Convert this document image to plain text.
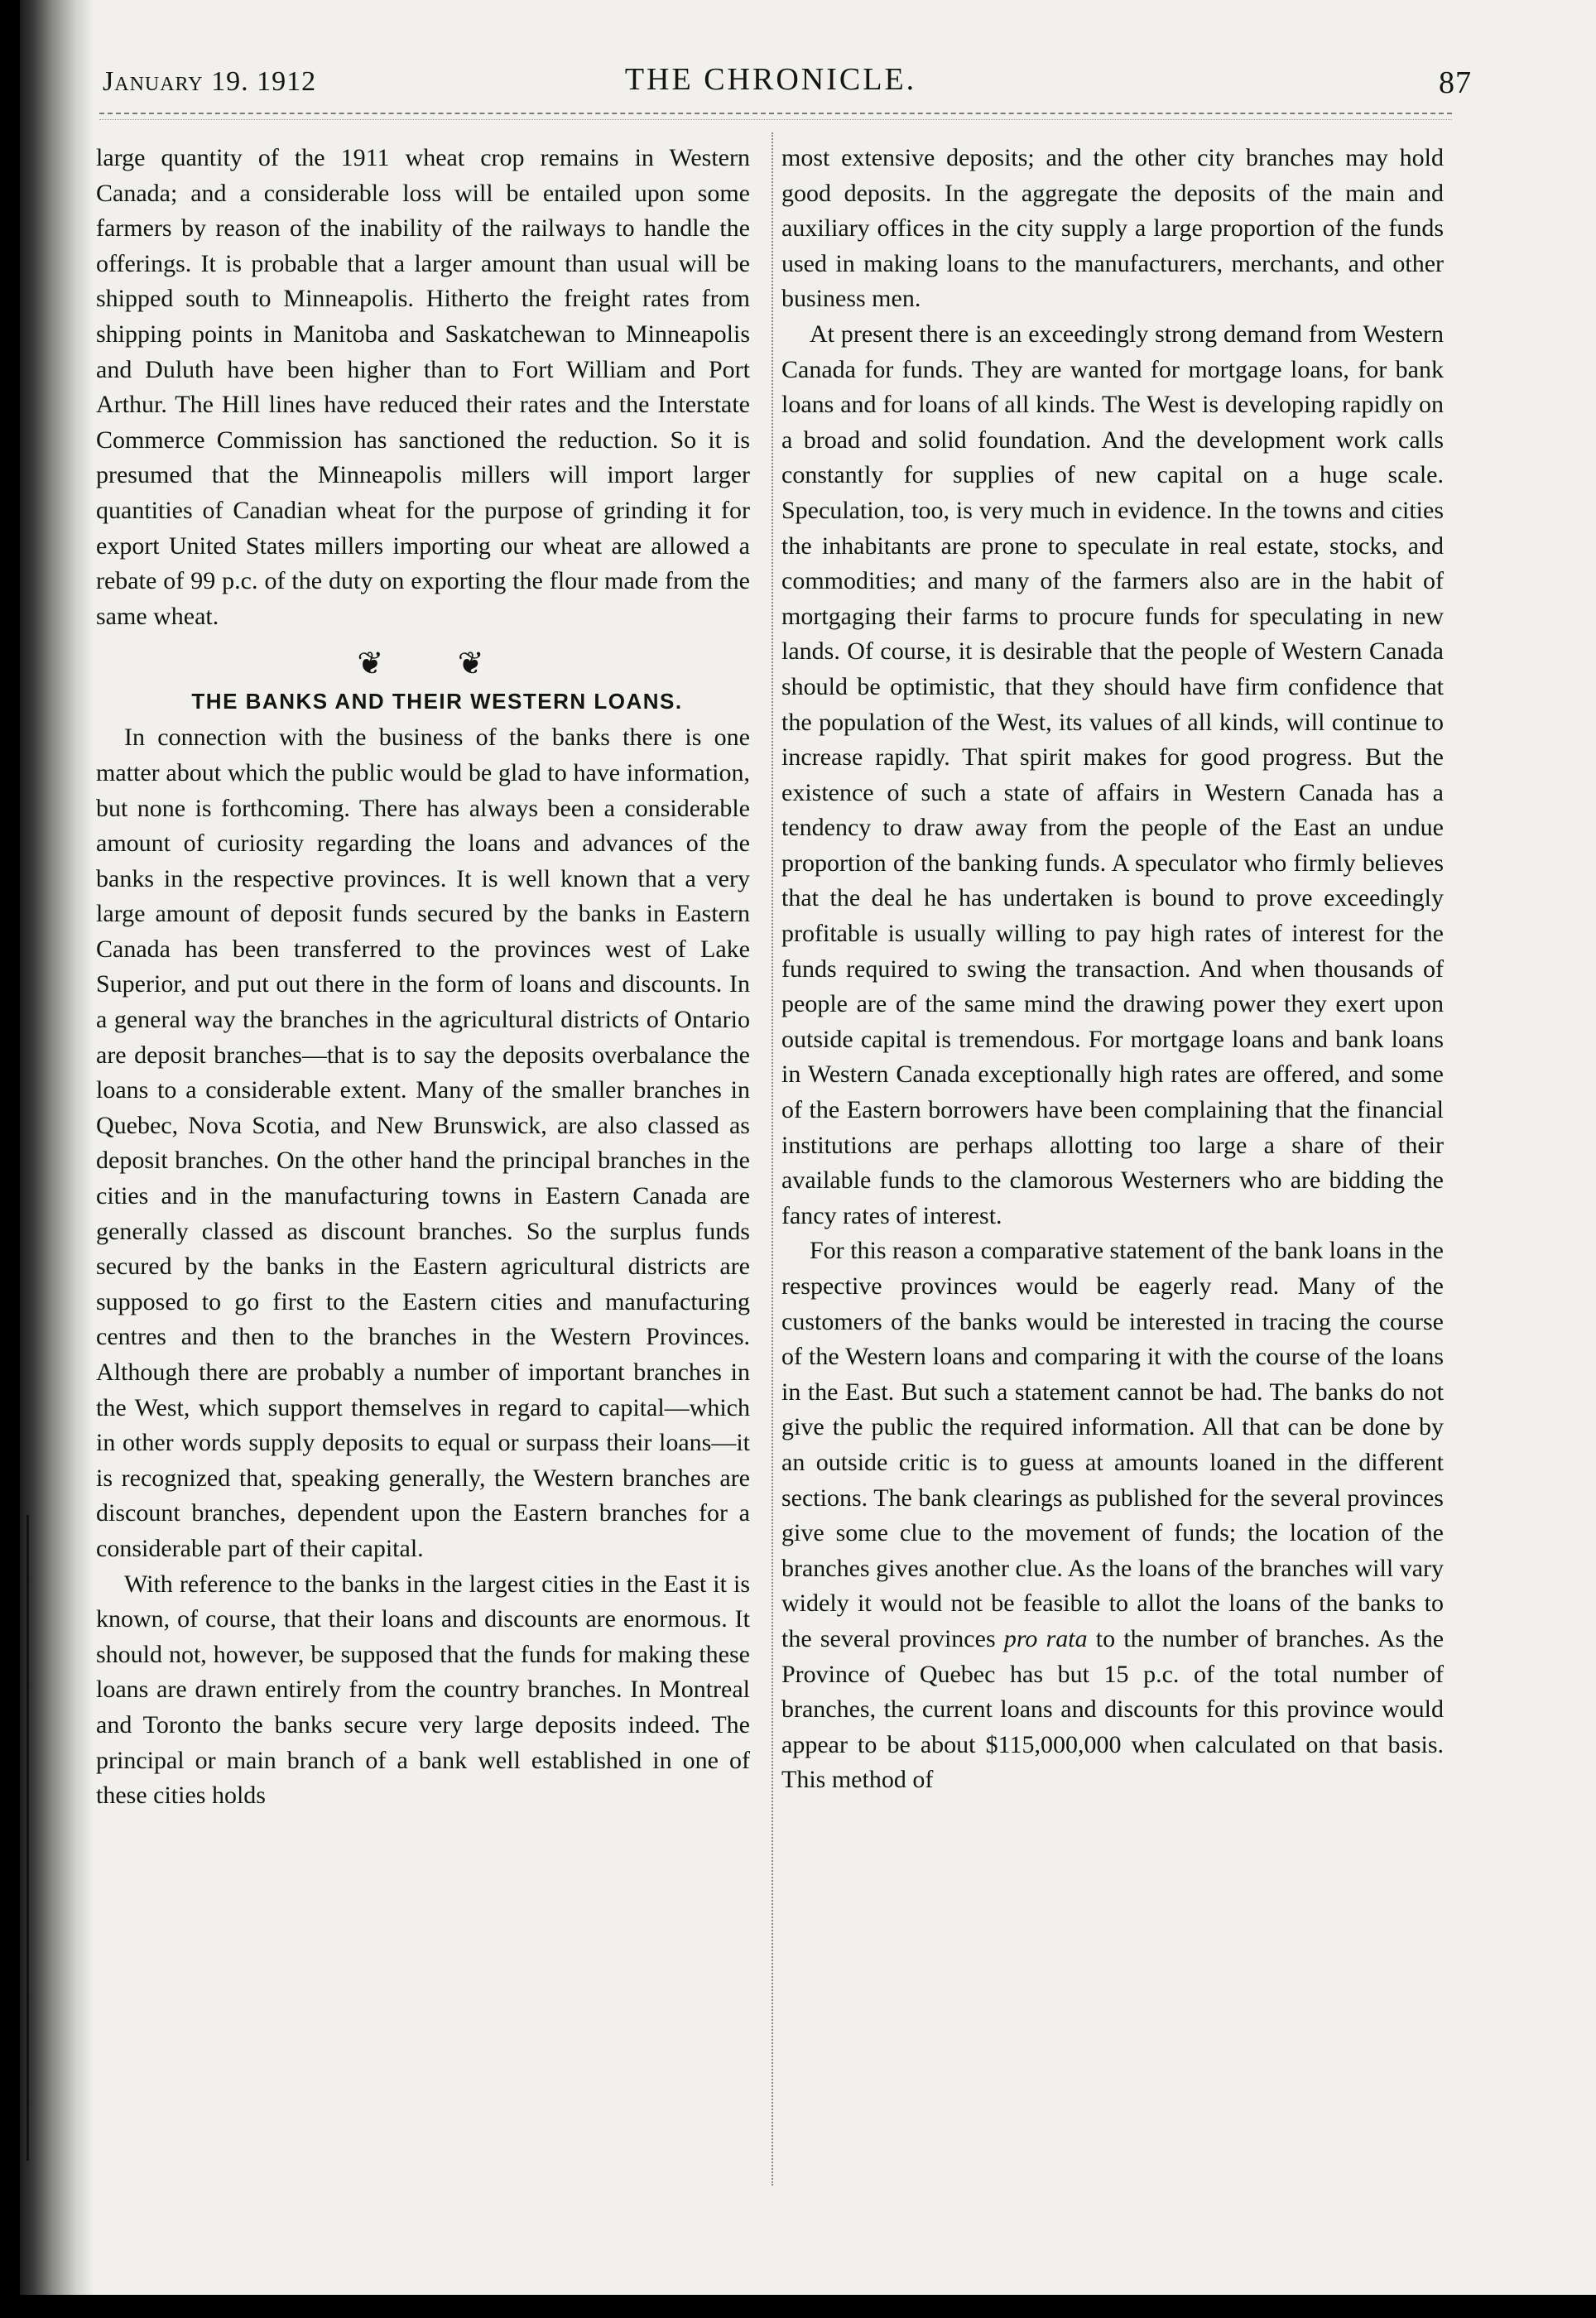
January 19. 1912	THE CHRONICLE.	87

large quantity of the 1911 wheat crop remains in Western Canada; and a considerable loss will be entailed upon some farmers by reason of the inability of the railways to handle the offerings. It is probable that a larger amount than usual will be shipped south to Minneapolis. Hitherto the freight rates from shipping points in Manitoba and Saskatchewan to Minneapolis and Duluth have been higher than to Fort William and Port Arthur. The Hill lines have reduced their rates and the Interstate Commerce Commission has sanctioned the reduction. So it is presumed that the Minneapolis millers will import larger quantities of Canadian wheat for the purpose of grinding it for export United States millers importing our wheat are allowed a rebate of 99 p.c. of the duty on exporting the flour made from the same wheat.

❦ ❦

THE BANKS AND THEIR WESTERN LOANS.

In connection with the business of the banks there is one matter about which the public would be glad to have information, but none is forthcoming. There has always been a considerable amount of curiosity regarding the loans and advances of the banks in the respective provinces. It is well known that a very large amount of deposit funds secured by the banks in Eastern Canada has been transferred to the provinces west of Lake Superior, and put out there in the form of loans and discounts. In a general way the branches in the agricultural districts of Ontario are deposit branches—that is to say the deposits overbalance the loans to a considerable extent. Many of the smaller branches in Quebec, Nova Scotia, and New Brunswick, are also classed as deposit branches. On the other hand the principal branches in the cities and in the manufacturing towns in Eastern Canada are generally classed as discount branches. So the surplus funds secured by the banks in the Eastern agricultural districts are supposed to go first to the Eastern cities and manufacturing centres and then to the branches in the Western Provinces. Although there are probably a number of important branches in the West, which support themselves in regard to capital—which in other words supply deposits to equal or surpass their loans—it is recognized that, speaking generally, the Western branches are discount branches, dependent upon the Eastern branches for a considerable part of their capital.

With reference to the banks in the largest cities in the East it is known, of course, that their loans and discounts are enormous. It should not, however, be supposed that the funds for making these loans are drawn entirely from the country branches. In Montreal and Toronto the banks secure very large deposits indeed. The principal or main branch of a bank well established in one of these cities holds

most extensive deposits; and the other city branches may hold good deposits. In the aggregate the deposits of the main and auxiliary offices in the city supply a large proportion of the funds used in making loans to the manufacturers, merchants, and other business men.

At present there is an exceedingly strong demand from Western Canada for funds. They are wanted for mortgage loans, for bank loans and for loans of all kinds. The West is developing rapidly on a broad and solid foundation. And the development work calls constantly for supplies of new capital on a huge scale. Speculation, too, is very much in evidence. In the towns and cities the inhabitants are prone to speculate in real estate, stocks, and commodities; and many of the farmers also are in the habit of mortgaging their farms to procure funds for speculating in new lands. Of course, it is desirable that the people of Western Canada should be optimistic, that they should have firm confidence that the population of the West, its values of all kinds, will continue to increase rapidly. That spirit makes for good progress. But the existence of such a state of affairs in Western Canada has a tendency to draw away from the people of the East an undue proportion of the banking funds. A speculator who firmly believes that the deal he has undertaken is bound to prove exceedingly profitable is usually willing to pay high rates of interest for the funds required to swing the transaction. And when thousands of people are of the same mind the drawing power they exert upon outside capital is tremendous. For mortgage loans and bank loans in Western Canada exceptionally high rates are offered, and some of the Eastern borrowers have been complaining that the financial institutions are perhaps allotting too large a share of their available funds to the clamorous Westerners who are bidding the fancy rates of interest.

For this reason a comparative statement of the bank loans in the respective provinces would be eagerly read. Many of the customers of the banks would be interested in tracing the course of the Western loans and comparing it with the course of the loans in the East. But such a statement cannot be had. The banks do not give the public the required information. All that can be done by an outside critic is to guess at amounts loaned in the different sections. The bank clearings as published for the several provinces give some clue to the movement of funds; the location of the branches gives another clue. As the loans of the branches will vary widely it would not be feasible to allot the loans of the banks to the several provinces pro rata to the number of branches. As the Province of Quebec has but 15 p.c. of the total number of branches, the current loans and discounts for this province would appear to be about $115,000,000 when calculated on that basis. This method of
